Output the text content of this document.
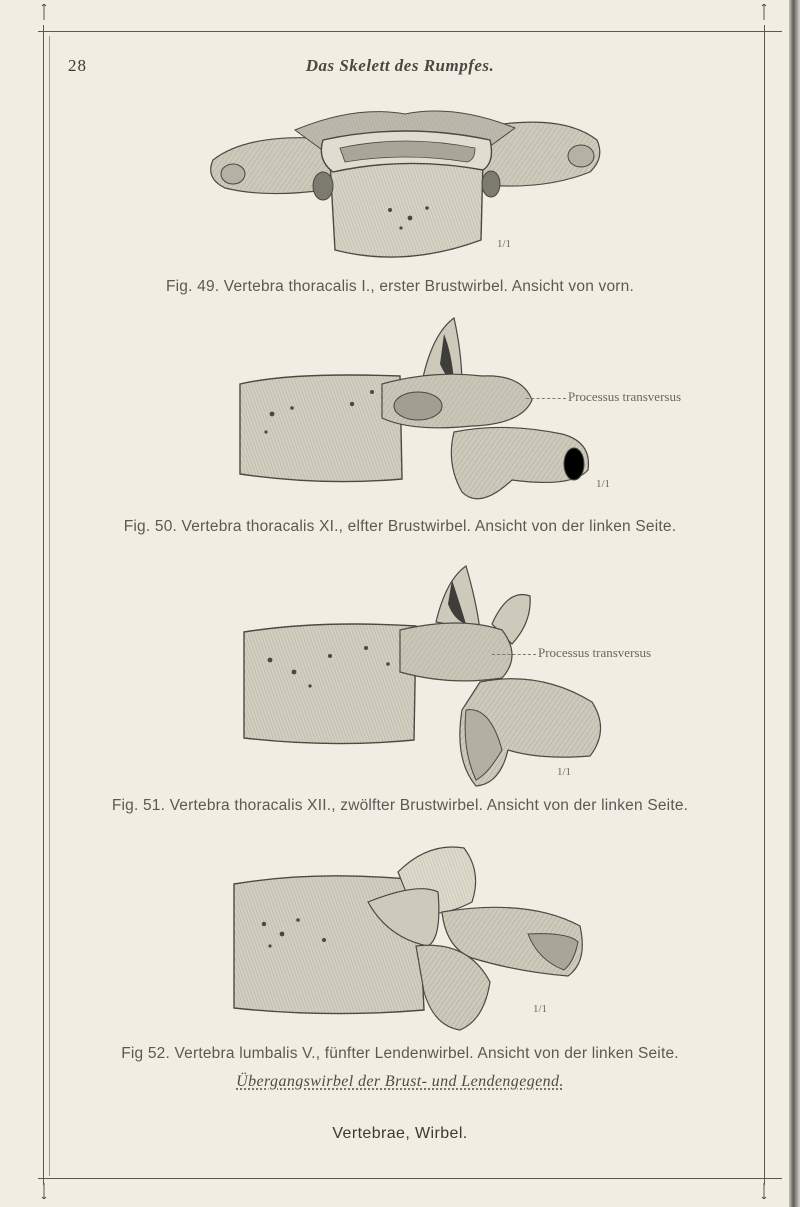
28	Das Skelett des Rumpfes.
1/1
Fig. 49. Vertebra thoracalis I., erster Brustwirbel. Ansicht von vorn.
Processus transversus
1/1
Fig. 50. Vertebra thoracalis XI., elfter Brustwirbel. Ansicht von der linken Seite.
Processus transversus
1/1
Fig. 51. Vertebra thoracalis XII., zwölfter Brustwirbel. Ansicht von der linken Seite.
1/1
Fig 52. Vertebra lumbalis V., fünfter Lendenwirbel. Ansicht von der linken Seite.
Übergangswirbel der Brust- und Lendengegend.
Vertebrae, Wirbel.
